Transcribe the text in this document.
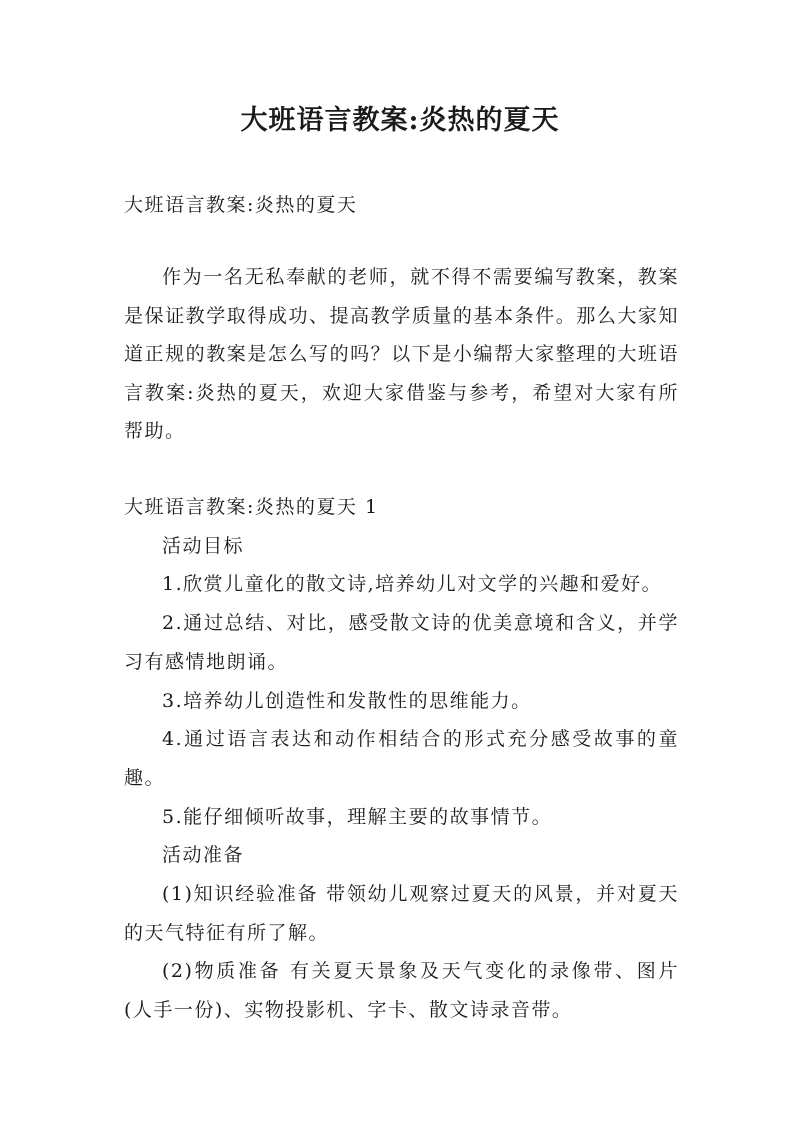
大班语言教案:炎热的夏天

大班语言教案:炎热的夏天

作为一名无私奉献的老师，就不得不需要编写教案，教案是保证教学取得成功、提高教学质量的基本条件。那么大家知道正规的教案是怎么写的吗？以下是小编帮大家整理的大班语言教案:炎热的夏天，欢迎大家借鉴与参考，希望对大家有所帮助。

大班语言教案:炎热的夏天 1

活动目标

1.欣赏儿童化的散文诗,培养幼儿对文学的兴趣和爱好。

2.通过总结、对比，感受散文诗的优美意境和含义，并学习有感情地朗诵。

3.培养幼儿创造性和发散性的思维能力。

4.通过语言表达和动作相结合的形式充分感受故事的童趣。

5.能仔细倾听故事，理解主要的故事情节。

活动准备

(1)知识经验准备 带领幼儿观察过夏天的风景，并对夏天的天气特征有所了解。

(2)物质准备 有关夏天景象及天气变化的录像带、图片(人手一份)、实物投影机、字卡、散文诗录音带。
